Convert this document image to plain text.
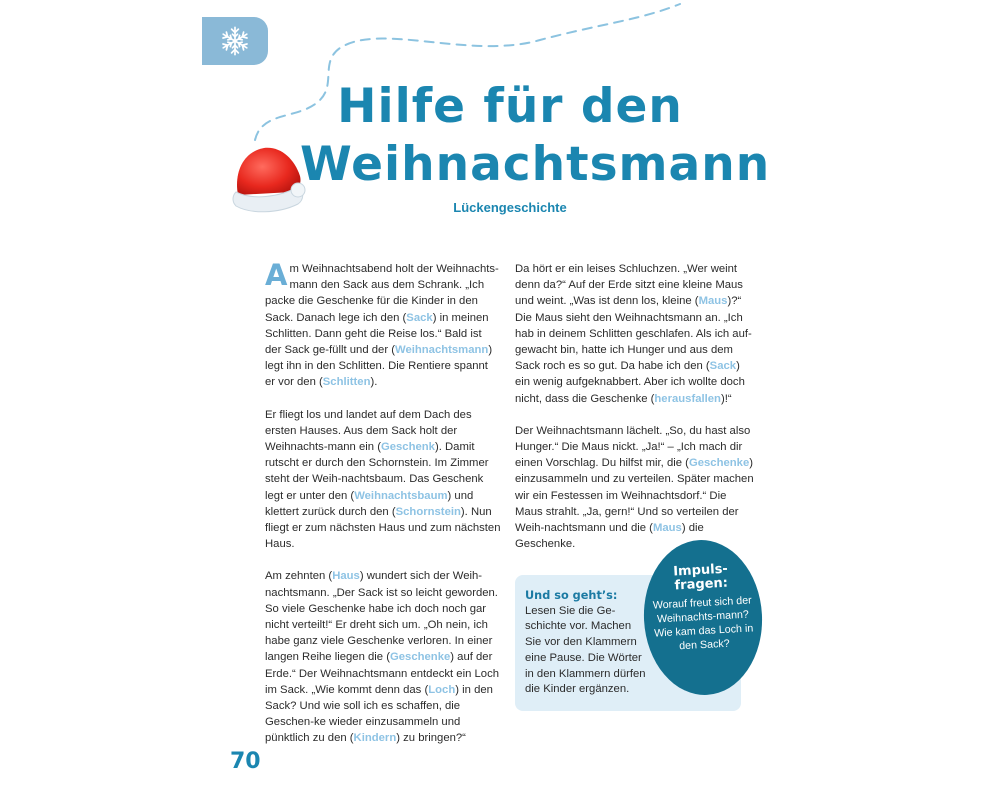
Hilfe für den
Weihnachtsmann
Lückengeschichte

Am Weihnachtsabend holt der Weihnachts-mann den Sack aus dem Schrank. „Ich packe die Geschenke für die Kinder in den Sack. Danach lege ich den (Sack) in meinen Schlitten. Dann geht die Reise los.“ Bald ist der Sack ge-füllt und der (Weihnachtsmann) legt ihn in den Schlitten. Die Rentiere spannt er vor den (Schlitten).

Er fliegt los und landet auf dem Dach des ersten Hauses. Aus dem Sack holt der Weihnachts-mann ein (Geschenk). Damit rutscht er durch den Schornstein. Im Zimmer steht der Weih-nachtsbaum. Das Geschenk legt er unter den (Weihnachtsbaum) und klettert zurück durch den (Schornstein). Nun fliegt er zum nächsten Haus und zum nächsten Haus.

Am zehnten (Haus) wundert sich der Weih-nachtsmann. „Der Sack ist so leicht geworden. So viele Geschenke habe ich doch noch gar nicht verteilt!“ Er dreht sich um. „Oh nein, ich habe ganz viele Geschenke verloren. In einer langen Reihe liegen die (Geschenke) auf der Erde.“ Der Weihnachtsmann entdeckt ein Loch im Sack. „Wie kommt denn das (Loch) in den Sack? Und wie soll ich es schaffen, die Geschen-ke wieder einzusammeln und pünktlich zu den (Kindern) zu bringen?“

Da hört er ein leises Schluchzen. „Wer weint denn da?“ Auf der Erde sitzt eine kleine Maus und weint. „Was ist denn los, kleine (Maus)?“ Die Maus sieht den Weihnachtsmann an. „Ich hab in deinem Schlitten geschlafen. Als ich auf-gewacht bin, hatte ich Hunger und aus dem Sack roch es so gut. Da habe ich den (Sack) ein wenig aufgeknabbert. Aber ich wollte doch nicht, dass die Geschenke (herausfallen)!“

Der Weihnachtsmann lächelt. „So, du hast also Hunger.“ Die Maus nickt. „Ja!“ – „Ich mach dir einen Vorschlag. Du hilfst mir, die (Geschenke) einzusammeln und zu verteilen. Später machen wir ein Festessen im Weihnachtsdorf.“ Die Maus strahlt. „Ja, gern!“ Und so verteilen der Weih-nachtsmann und die (Maus) die Geschenke.

Und so geht’s:

Lesen Sie die Ge-schichte vor. Machen Sie vor den Klammern eine Pause. Die Wörter in den Klammern dürfen die Kinder ergänzen.

Impuls-
fragen:

Worauf freut sich der Weihnachts-mann? Wie kam das Loch in den Sack?

70
